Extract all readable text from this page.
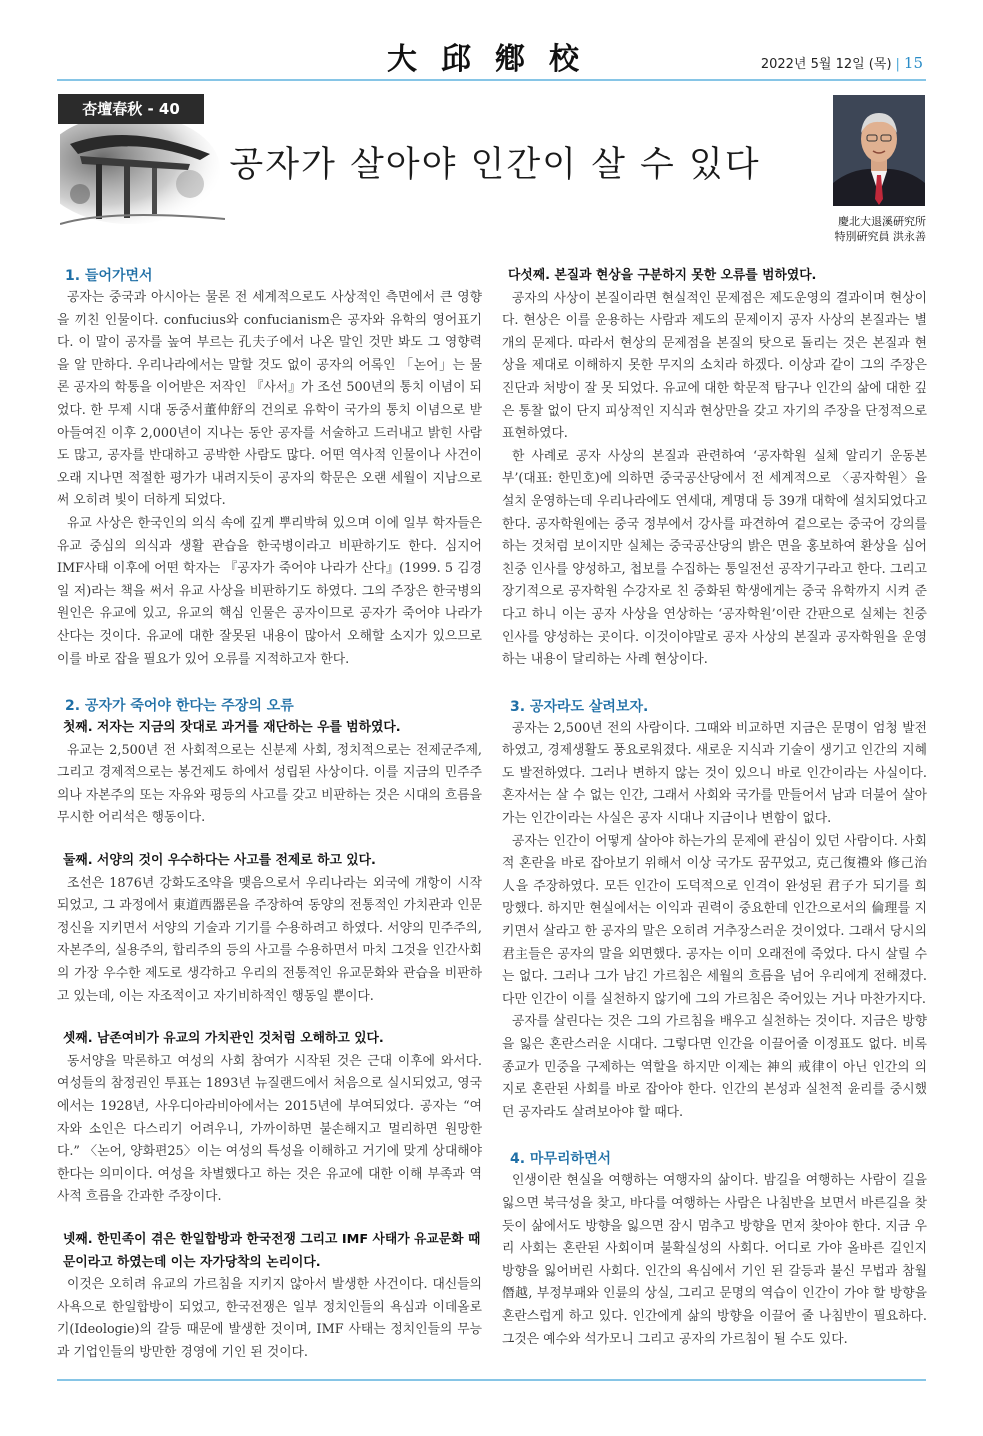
大邱鄕校	2022년 5월 12일 (목) | 15
杏壇春秋 - 40
공자가 살아야 인간이 살 수 있다
慶北大退溪硏究所
特別硏究員 洪永善
1. 들어가면서

공자는 중국과 아시아는 물론 전 세계적으로도 사상적인 측면에서 큰 영향을 끼친 인물이다. confucius와 confucianism은 공자와 유학의 영어표기다. 이 말이 공자를 높여 부르는 孔夫子에서 나온 말인 것만 봐도 그 영향력을 알 만하다. 우리나라에서는 말할 것도 없이 공자의 어록인 「논어」는 물론 공자의 학통을 이어받은 저작인 『사서』가 조선 500년의 통치 이념이 되었다. 한 무제 시대 동중서董仲舒의 건의로 유학이 국가의 통치 이념으로 받아들여진 이후 2,000년이 지나는 동안 공자를 서술하고 드러내고 밝힌 사람도 많고, 공자를 반대하고 공박한 사람도 많다. 어떤 역사적 인물이나 사건이 오래 지나면 적절한 평가가 내려지듯이 공자의 학문은 오랜 세월이 지남으로써 오히려 빛이 더하게 되었다.

유교 사상은 한국인의 의식 속에 깊게 뿌리박혀 있으며 이에 일부 학자들은 유교 중심의 의식과 생활 관습을 한국병이라고 비판하기도 한다. 심지어 IMF사태 이후에 어떤 학자는 『공자가 죽어야 나라가 산다』(1999. 5 김경일 저)라는 책을 써서 유교 사상을 비판하기도 하였다. 그의 주장은 한국병의 원인은 유교에 있고, 유교의 핵심 인물은 공자이므로 공자가 죽어야 나라가 산다는 것이다. 유교에 대한 잘못된 내용이 많아서 오해할 소지가 있으므로 이를 바로 잡을 필요가 있어 오류를 지적하고자 한다.

2. 공자가 죽어야 한다는 주장의 오류
첫째. 저자는 지금의 잣대로 과거를 재단하는 우를 범하였다.

유교는 2,500년 전 사회적으로는 신분제 사회, 정치적으로는 전제군주제, 그리고 경제적으로는 봉건제도 하에서 성립된 사상이다. 이를 지금의 민주주의나 자본주의 또는 자유와 평등의 사고를 갖고 비판하는 것은 시대의 흐름을 무시한 어리석은 행동이다.

둘째. 서양의 것이 우수하다는 사고를 전제로 하고 있다.

조선은 1876년 강화도조약을 맺음으로서 우리나라는 외국에 개항이 시작되었고, 그 과정에서 東道西器론을 주장하여 동양의 전통적인 가치관과 인문 정신을 지키면서 서양의 기술과 기기를 수용하려고 하였다. 서양의 민주주의, 자본주의, 실용주의, 합리주의 등의 사고를 수용하면서 마치 그것을 인간사회의 가장 우수한 제도로 생각하고 우리의 전통적인 유교문화와 관습을 비판하고 있는데, 이는 자조적이고 자기비하적인 행동일 뿐이다.

셋째. 남존여비가 유교의 가치관인 것처럼 오해하고 있다.

동서양을 막론하고 여성의 사회 참여가 시작된 것은 근대 이후에 와서다. 여성들의 참정권인 투표는 1893년 뉴질랜드에서 처음으로 실시되었고, 영국에서는 1928년, 사우디아라비아에서는 2015년에 부여되었다. 공자는 “여자와 소인은 다스리기 어려우니, 가까이하면 불손해지고 멀리하면 원망한다.” 〈논어, 양화편25〉이는 여성의 특성을 이해하고 거기에 맞게 상대해야 한다는 의미이다. 여성을 차별했다고 하는 것은 유교에 대한 이해 부족과 역사적 흐름을 간과한 주장이다.

넷째. 한민족이 겪은 한일합방과 한국전쟁 그리고 IMF 사태가 유교문화 때문이라고 하였는데 이는 자가당착의 논리이다.

이것은 오히려 유교의 가르침을 지키지 않아서 발생한 사건이다. 대신들의 사욕으로 한일합방이 되었고, 한국전쟁은 일부 정치인들의 욕심과 이데올로기(Ideologie)의 갈등 때문에 발생한 것이며, IMF 사태는 정치인들의 무능과 기업인들의 방만한 경영에 기인 된 것이다.

다섯째. 본질과 현상을 구분하지 못한 오류를 범하였다.

공자의 사상이 본질이라면 현실적인 문제점은 제도운영의 결과이며 현상이다. 현상은 이를 운용하는 사람과 제도의 문제이지 공자 사상의 본질과는 별개의 문제다. 따라서 현상의 문제점을 본질의 탓으로 돌리는 것은 본질과 현상을 제대로 이해하지 못한 무지의 소치라 하겠다. 이상과 같이 그의 주장은 진단과 처방이 잘 못 되었다. 유교에 대한 학문적 탐구나 인간의 삶에 대한 깊은 통찰 없이 단지 피상적인 지식과 현상만을 갖고 자기의 주장을 단정적으로 표현하였다.

한 사례로 공자 사상의 본질과 관련하여 ‘공자학원 실체 알리기 운동본부’(대표: 한민호)에 의하면 중국공산당에서 전 세계적으로 〈공자학원〉을 설치 운영하는데 우리나라에도 연세대, 계명대 등 39개 대학에 설치되었다고 한다. 공자학원에는 중국 정부에서 강사를 파견하여 겉으로는 중국어 강의를 하는 것처럼 보이지만 실체는 중국공산당의 밝은 면을 홍보하여 환상을 심어 친중 인사를 양성하고, 첩보를 수집하는 통일전선 공작기구라고 한다. 그리고 장기적으로 공자학원 수강자로 친 중화된 학생에게는 중국 유학까지 시켜 준다고 하니 이는 공자 사상을 연상하는 ‘공자학원’이란 간판으로 실체는 친중 인사를 양성하는 곳이다. 이것이야말로 공자 사상의 본질과 공자학원을 운영하는 내용이 달리하는 사례 현상이다.

3. 공자라도 살려보자.

공자는 2,500년 전의 사람이다. 그때와 비교하면 지금은 문명이 엄청 발전하였고, 경제생활도 풍요로워졌다. 새로운 지식과 기술이 생기고 인간의 지혜도 발전하였다. 그러나 변하지 않는 것이 있으니 바로 인간이라는 사실이다. 혼자서는 살 수 없는 인간, 그래서 사회와 국가를 만들어서 남과 더불어 살아가는 인간이라는 사실은 공자 시대나 지금이나 변함이 없다.

공자는 인간이 어떻게 살아야 하는가의 문제에 관심이 있던 사람이다. 사회적 혼란을 바로 잡아보기 위해서 이상 국가도 꿈꾸었고, 克己復禮와 修己治人을 주장하였다. 모든 인간이 도덕적으로 인격이 완성된 君子가 되기를 희망했다. 하지만 현실에서는 이익과 권력이 중요한데 인간으로서의 倫理를 지키면서 살라고 한 공자의 말은 오히려 거추장스러운 것이었다. 그래서 당시의 君主들은 공자의 말을 외면했다. 공자는 이미 오래전에 죽었다. 다시 살릴 수는 없다. 그러나 그가 남긴 가르침은 세월의 흐름을 넘어 우리에게 전해졌다. 다만 인간이 이를 실천하지 않기에 그의 가르침은 죽어있는 거나 마찬가지다.

공자를 살린다는 것은 그의 가르침을 배우고 실천하는 것이다. 지금은 방향을 잃은 혼란스러운 시대다. 그렇다면 인간을 이끌어줄 이정표도 없다. 비록 종교가 민중을 구제하는 역할을 하지만 이제는 神의 戒律이 아닌 인간의 의지로 혼란된 사회를 바로 잡아야 한다. 인간의 본성과 실천적 윤리를 중시했던 공자라도 살려보아야 할 때다.

4. 마무리하면서

인생이란 현실을 여행하는 여행자의 삶이다. 밤길을 여행하는 사람이 길을 잃으면 북극성을 찾고, 바다를 여행하는 사람은 나침반을 보면서 바른길을 찾듯이 삶에서도 방향을 잃으면 잠시 멈추고 방향을 먼저 찾아야 한다. 지금 우리 사회는 혼란된 사회이며 불확실성의 사회다. 어디로 가야 올바른 길인지 방향을 잃어버린 사회다. 인간의 욕심에서 기인 된 갈등과 불신 무법과 참월僭越, 부정부패와 인륜의 상실, 그리고 문명의 역습이 인간이 가야 할 방향을 혼란스럽게 하고 있다. 인간에게 삶의 방향을 이끌어 줄 나침반이 필요하다. 그것은 예수와 석가모니 그리고 공자의 가르침이 될 수도 있다.
